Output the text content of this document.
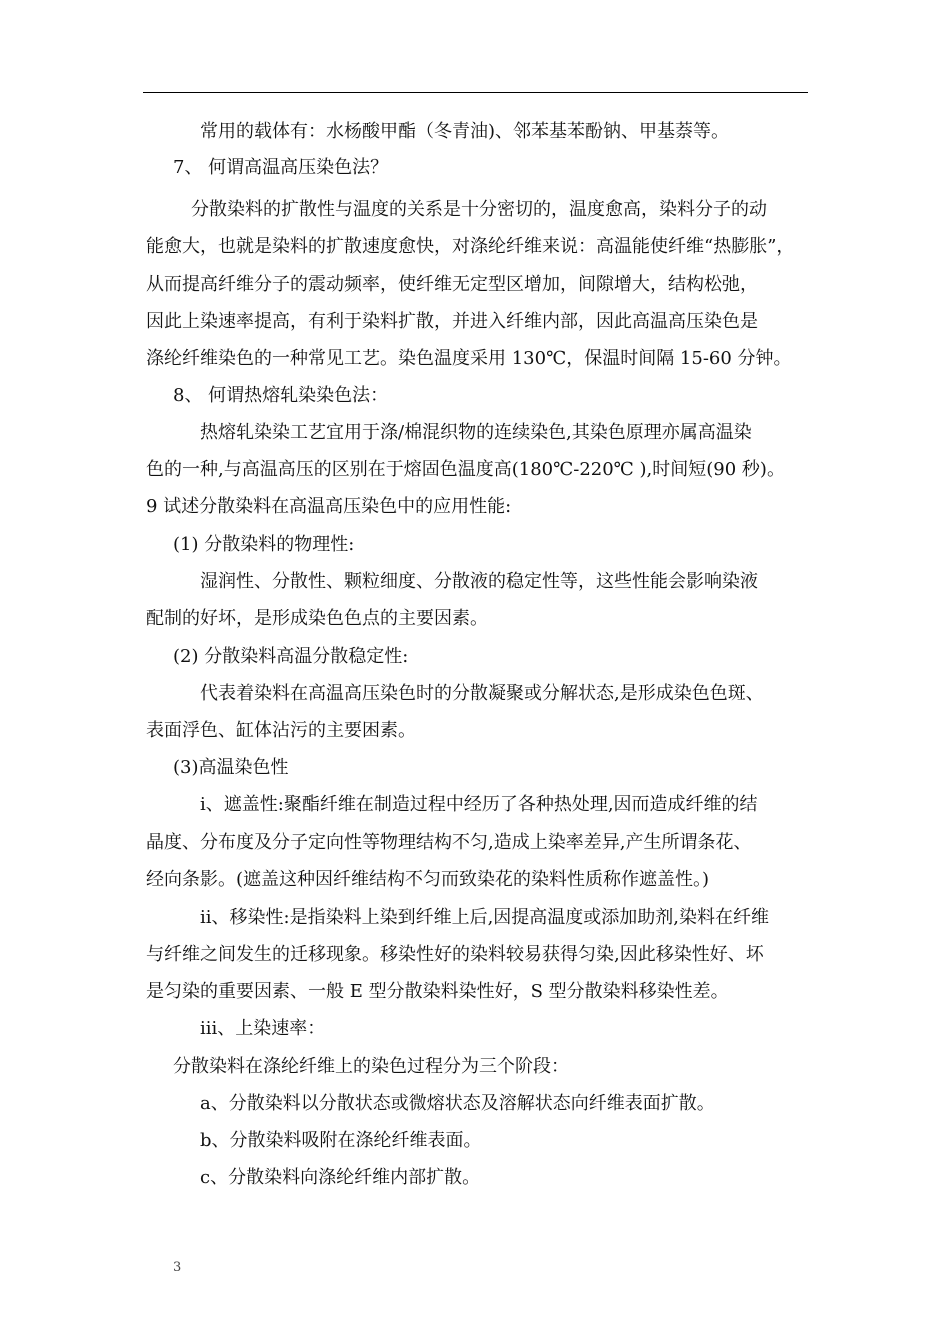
常用的载体有：水杨酸甲酯（冬青油)、邻苯基苯酚钠、甲基萘等。
7、 何谓高温高压染色法？
分散染料的扩散性与温度的关系是十分密切的，温度愈高，染料分子的动
能愈大，也就是染料的扩散速度愈快，对涤纶纤维来说：高温能使纤维“热膨胀”，
从而提高纤维分子的震动频率，使纤维无定型区增加，间隙增大，结构松弛，
因此上染速率提高，有利于染料扩散，并进入纤维内部，因此高温高压染色是
涤纶纤维染色的一种常见工艺。染色温度采用 130℃，保温时间隔 15-60 分钟。
8、 何谓热熔轧染染色法：
热熔轧染染工艺宜用于涤/棉混织物的连续染色,其染色原理亦属高温染
色的一种,与高温高压的区别在于熔固色温度高(180℃-220℃ ),时间短(90 秒)。
9 试述分散染料在高温高压染色中的应用性能:
(1) 分散染料的物理性:
湿润性、分散性、颗粒细度、分散液的稳定性等，这些性能会影响染液
配制的好坏，是形成染色色点的主要因素。
(2) 分散染料高温分散稳定性:
代表着染料在高温高压染色时的分散凝聚或分解状态,是形成染色色斑、
表面浮色、缸体沾污的主要困素。
(3)高温染色性
i、遮盖性:聚酯纤维在制造过程中经历了各种热处理,因而造成纤维的结
晶度、分布度及分子定向性等物理结构不匀,造成上染率差异,产生所谓条花、
经向条影。(遮盖这种因纤维结构不匀而致染花的染料性质称作遮盖性。)
ii、移染性:是指染料上染到纤维上后,因提高温度或添加助剂,染料在纤维
与纤维之间发生的迁移现象。移染性好的染料较易获得匀染,因此移染性好、坏
是匀染的重要因素、一般 E 型分散染料染性好，S 型分散染料移染性差。
iii、上染速率：
分散染料在涤纶纤维上的染色过程分为三个阶段：
a、分散染料以分散状态或微熔状态及溶解状态向纤维表面扩散。
b、分散染料吸附在涤纶纤维表面。
c、分散染料向涤纶纤维内部扩散。
3
